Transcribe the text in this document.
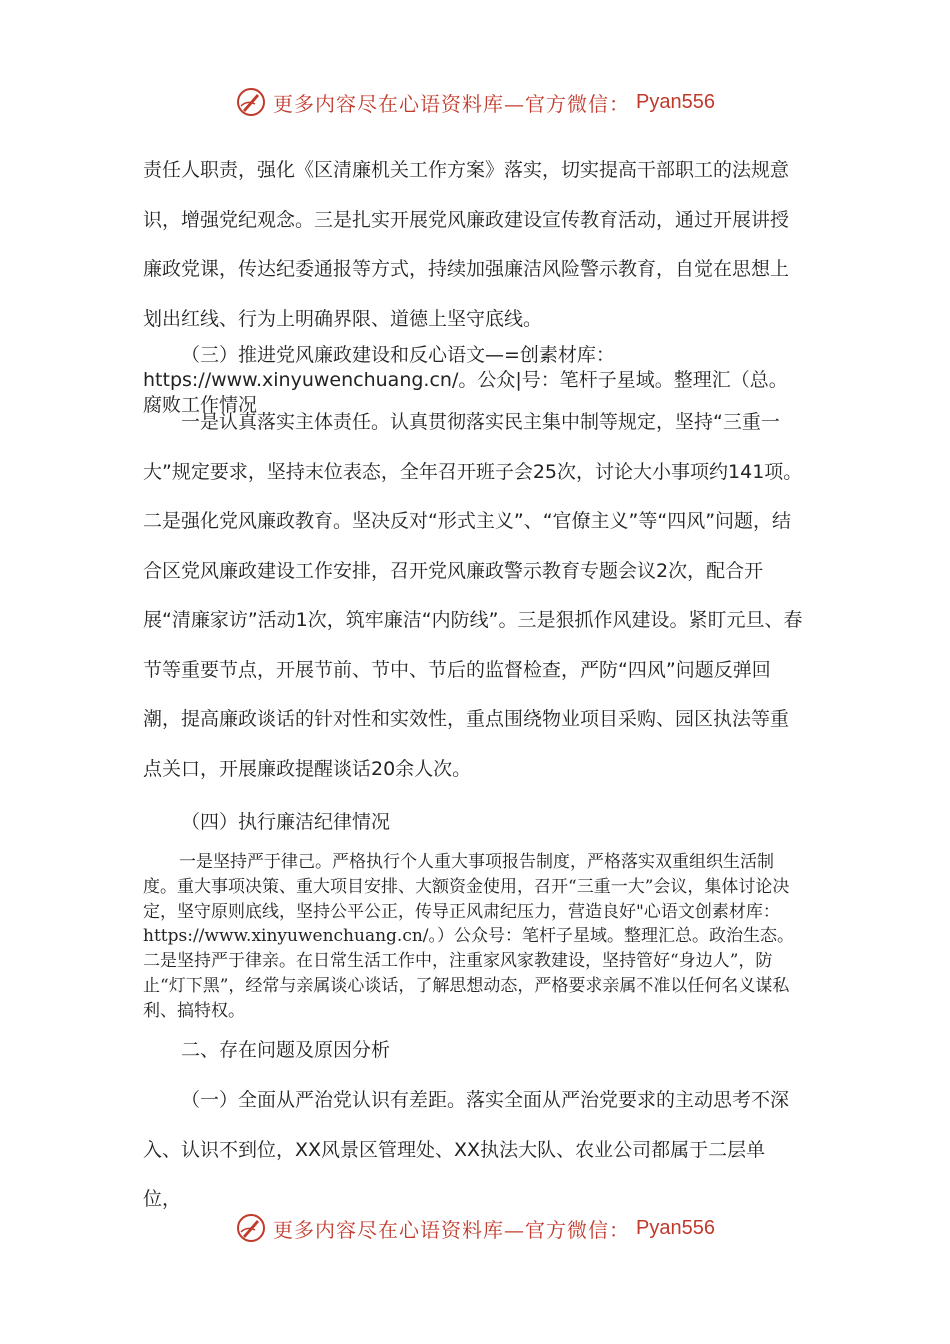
更多内容尽在心语资料库—官方微信： Pyan556

责任人职责，强化《区清廉机关工作方案》落实，切实提高干部职工的法规意识，增强党纪观念。三是扎实开展党风廉政建设宣传教育活动，通过开展讲授廉政党课，传达纪委通报等方式，持续加强廉洁风险警示教育，自觉在思想上划出红线、行为上明确界限、道德上坚守底线。

（三）推进党风廉政建设和反心语文—=创素材库：https://www.xinyuwenchuang.cn/。公众|号：笔杆子星域。整理汇（总。腐败工作情况

一是认真落实主体责任。认真贯彻落实民主集中制等规定，坚持“三重一大”规定要求，坚持末位表态，全年召开班子会25次，讨论大小事项约141项。二是强化党风廉政教育。坚决反对“形式主义”、“官僚主义”等“四风”问题，结合区党风廉政建设工作安排，召开党风廉政警示教育专题会议2次，配合开展“清廉家访”活动1次，筑牢廉洁“内防线”。三是狠抓作风建设。紧盯元旦、春节等重要节点，开展节前、节中、节后的监督检查，严防“四风”问题反弹回潮，提高廉政谈话的针对性和实效性，重点围绕物业项目采购、园区执法等重点关口，开展廉政提醒谈话20余人次。

（四）执行廉洁纪律情况

一是坚持严于律己。严格执行个人重大事项报告制度，严格落实双重组织生活制度。重大事项决策、重大项目安排、大额资金使用，召开“三重一大”会议，集体讨论决定，坚守原则底线，坚持公平公正，传导正风肃纪压力，营造良好"心语文创素材库：https://www.xinyuwenchuang.cn/。）公众号：笔杆子星域。整理汇总。政治生态。二是坚持严于律亲。在日常生活工作中，注重家风家教建设，坚持管好“身边人”，防止“灯下黑”，经常与亲属谈心谈话，了解思想动态，严格要求亲属不准以任何名义谋私利、搞特权。

二、存在问题及原因分析

（一）全面从严治党认识有差距。落实全面从严治党要求的主动思考不深入、认识不到位，XX风景区管理处、XX执法大队、农业公司都属于二层单位，

更多内容尽在心语资料库—官方微信： Pyan556
